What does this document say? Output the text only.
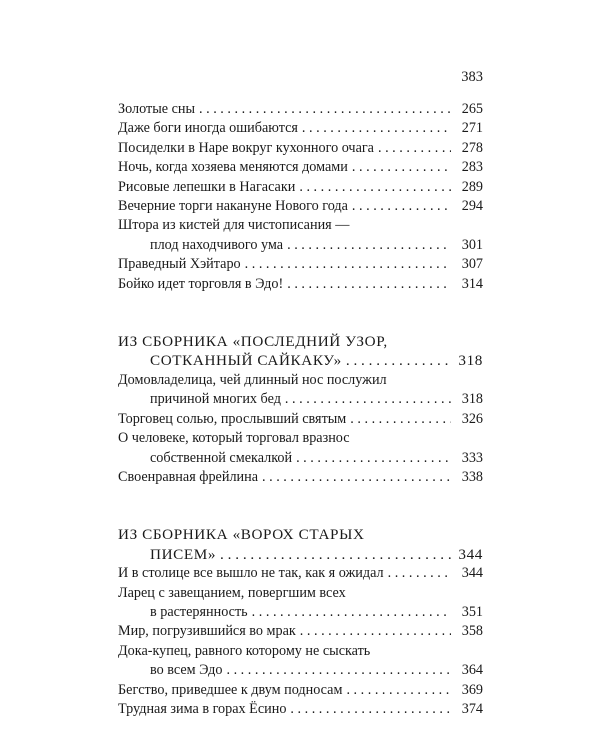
383
Золотые сны . . .	265
Даже боги иногда ошибаются . . .	271
Посиделки в Наре вокруг кухонного очага . . .	278
Ночь, когда хозяева меняются домами . . .	283
Рисовые лепешки в Нагасаки . . .	289
Вечерние торги накануне Нового года . . .	294
Штора из кистей для чистописания —
плод находчивого ума . . .	301
Праведный Хэйтаро . . .	307
Бойко идет торговля в Эдо! . . .	314
ИЗ СБОРНИКА «ПОСЛЕДНИЙ УЗОР,
СОТКАННЫЙ САЙКАКУ» . . .	318
Домовладелица, чей длинный нос послужил
причиной многих бед . . .	318
Торговец солью, прослывший святым . . .	326
О человеке, который торговал вразнос
собственной смекалкой . . .	333
Своенравная фрейлина . . .	338
ИЗ СБОРНИКА «ВОРОХ СТАРЫХ
ПИСЕМ» . . .	344
И в столице все вышло не так, как я ожидал . . .	344
Ларец с завещанием, повергшим всех
в растерянность . . .	351
Мир, погрузившийся во мрак . . .	358
Дока-купец, равного которому не сыскать
во всем Эдо . . .	364
Бегство, приведшее к двум подносам . . .	369
Трудная зима в горах Ёсино . . .	374
